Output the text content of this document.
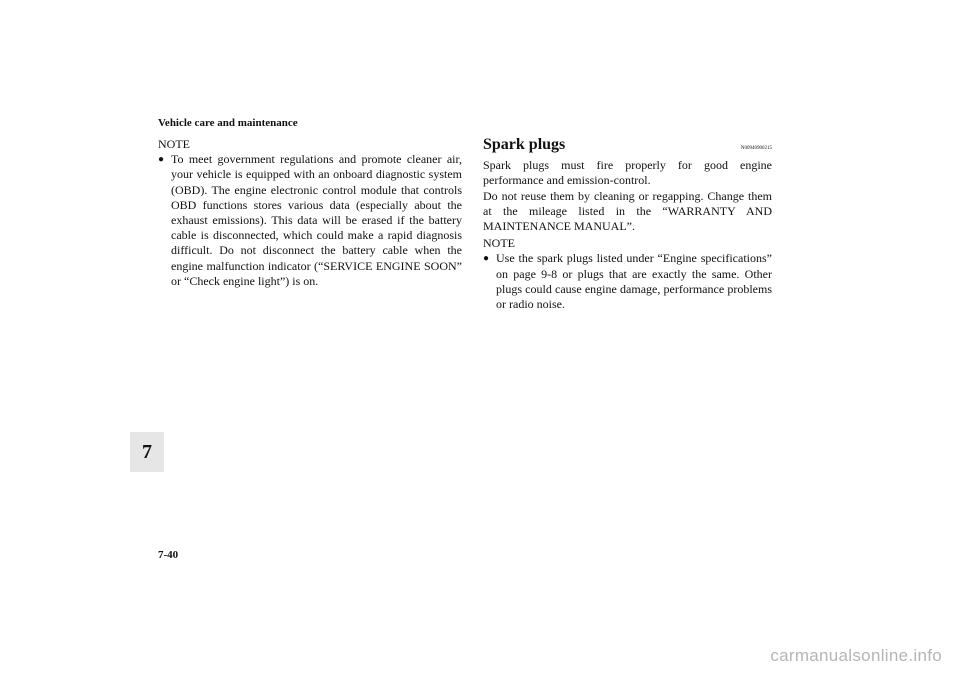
Vehicle care and maintenance
7
NOTE
● To meet government regulations and promote cleaner air, your vehicle is equipped with an onboard diagnostic system (OBD). The engine electronic control module that controls OBD functions stores various data (especially about the exhaust emissions). This data will be erased if the battery cable is disconnected, which could make a rapid diagnosis difficult. Do not disconnect the battery cable when the engine malfunction indicator (“SERVICE ENGINE SOON” or “Check engine light”) is on.
Spark plugs	N00940900215

Spark plugs must fire properly for good engine performance and emission-control.

Do not reuse them by cleaning or regapping. Change them at the mileage listed in the “WARRANTY AND MAINTENANCE MANUAL”.

NOTE
● Use the spark plugs listed under “Engine specifications” on page 9-8 or plugs that are exactly the same. Other plugs could cause engine damage, performance problems or radio noise.
7-40
carmanualsonline.info
